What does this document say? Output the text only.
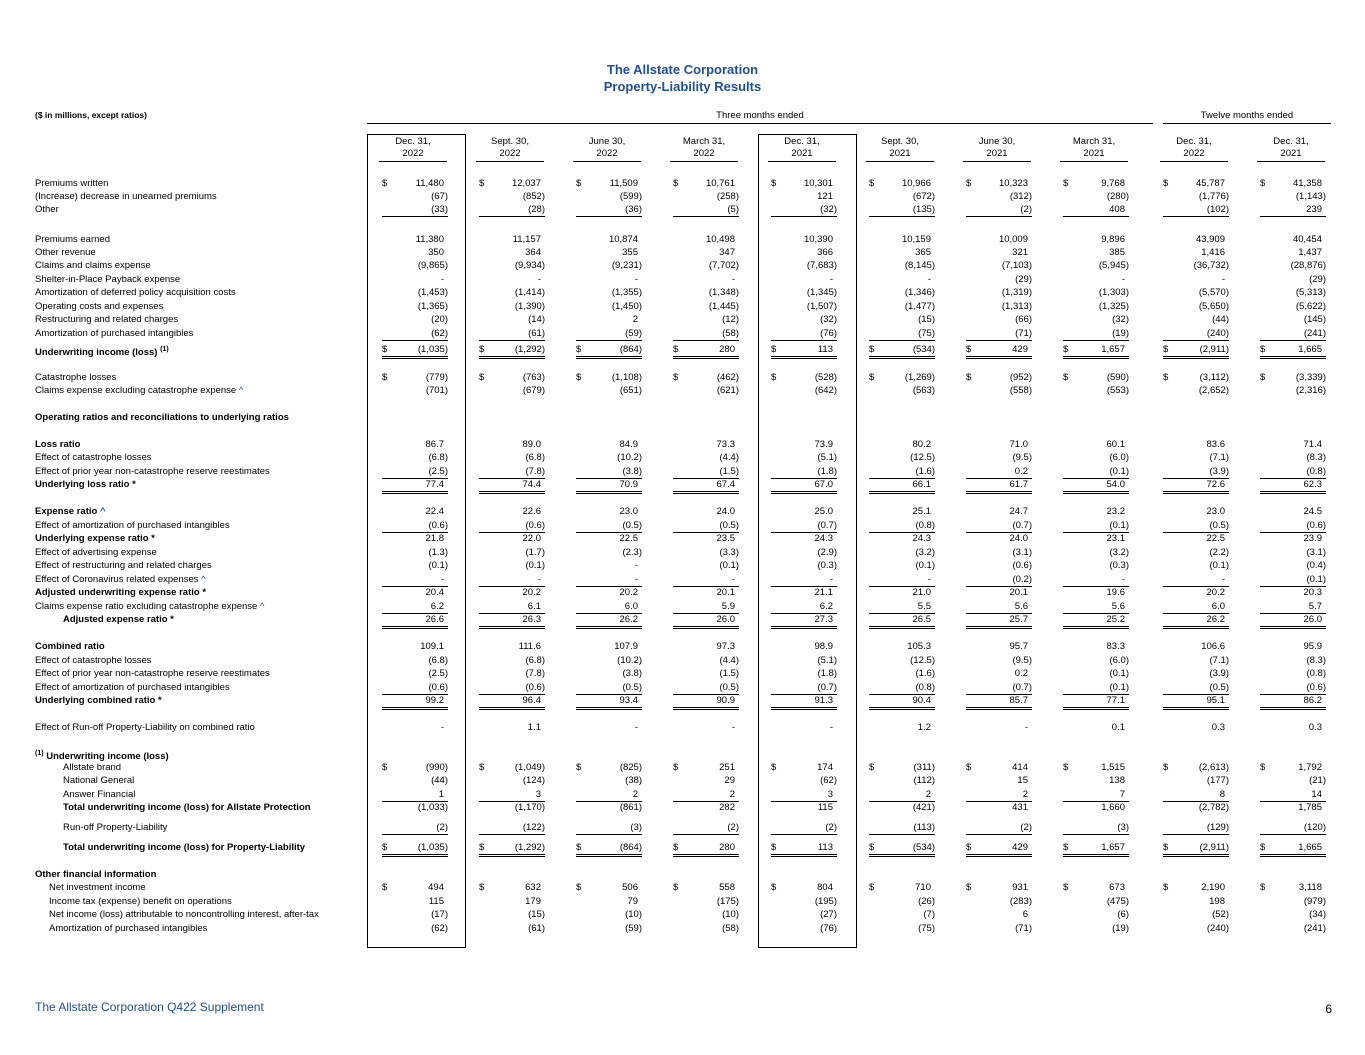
The Allstate Corporation
Property-Liability Results
($ in millions, except ratios)	Three months ended	Twelve months ended
Dec. 31,
2022
Sept. 30,
2022
June 30,
2022
March 31,
2022
Dec. 31,
2021
Sept. 30,
2021
June 30,
2021
March 31,
2021
Dec. 31,
2022
Dec. 31,
2021
Premiums written	$	11,480	$	12,037	$	11,509	$	10,761	$	10,301	$	10,966	$	10,323	$	9,768	$	45,787	$	41,358
(Increase) decrease in unearned premiums	(67)	(852)	(599)	(258)	121	(672)	(312)	(280)	(1,776)	(1,143)
Other	(33)	(28)	(36)	(5)	(32)	(135)	(2)	408	(102)	239
Premiums earned	11,380	11,157	10,874	10,498	10,390	10,159	10,009	9,896	43,909	40,454
Other revenue	350	364	355	347	366	365	321	385	1,416	1,437
Claims and claims expense	(9,865)	(9,934)	(9,231)	(7,702)	(7,683)	(8,145)	(7,103)	(5,945)	(36,732)	(28,876)
Shelter-in-Place Payback expense	-	-	-	-	-	-	(29)	-	-	(29)
Amortization of deferred policy acquisition costs	(1,453)	(1,414)	(1,355)	(1,348)	(1,345)	(1,346)	(1,319)	(1,303)	(5,570)	(5,313)
Operating costs and expenses	(1,365)	(1,390)	(1,450)	(1,445)	(1,507)	(1,477)	(1,313)	(1,325)	(5,650)	(5,622)
Restructuring and related charges	(20)	(14)	2	(12)	(32)	(15)	(66)	(32)	(44)	(145)
Amortization of purchased intangibles	(62)	(61)	(59)	(58)	(76)	(75)	(71)	(19)	(240)	(241)
Underwriting income (loss) $^{(1)}$	$	(1,035)	$	(1,292)	$	(864)	$	280	$	113	$	(534)	$	429	$	1,657	$	(2,911)	$	1,665
Catastrophe losses	$	(779)	$	(763)	$	(1,108)	$	(462)	$	(528)	$	(1,269)	$	(952)	$	(590)	$	(3,112)	$	(3,339)
Claims expense excluding catastrophe expense ^	(701)	(679)	(651)	(621)	(642)	(563)	(558)	(553)	(2,652)	(2,316)
Operating ratios and reconciliations to underlying ratios
Loss ratio	86.7	89.0	84.9	73.3	73.9	80.2	71.0	60.1	83.6	71.4
Effect of catastrophe losses	(6.8)	(6.8)	(10.2)	(4.4)	(5.1)	(12.5)	(9.5)	(6.0)	(7.1)	(8.3)
Effect of prior year non-catastrophe reserve reestimates	(2.5)	(7.8)	(3.8)	(1.5)	(1.8)	(1.6)	0.2	(0.1)	(3.9)	(0.8)
Underlying loss ratio *	77.4	74.4	70.9	67.4	67.0	66.1	61.7	54.0	72.6	62.3
Expense ratio ^	22.4	22.6	23.0	24.0	25.0	25.1	24.7	23.2	23.0	24.5
Effect of amortization of purchased intangibles	(0.6)	(0.6)	(0.5)	(0.5)	(0.7)	(0.8)	(0.7)	(0.1)	(0.5)	(0.6)
Underlying expense ratio *	21.8	22.0	22.5	23.5	24.3	24.3	24.0	23.1	22.5	23.9
Effect of advertising expense	(1.3)	(1.7)	(2.3)	(3.3)	(2.9)	(3.2)	(3.1)	(3.2)	(2.2)	(3.1)
Effect of restructuring and related charges	(0.1)	(0.1)	-	(0.1)	(0.3)	(0.1)	(0.6)	(0.3)	(0.1)	(0.4)
Effect of Coronavirus related expenses ^	-	-	-	-	-	-	(0.2)	-	-	(0.1)
Adjusted underwriting expense ratio *	20.4	20.2	20.2	20.1	21.1	21.0	20.1	19.6	20.2	20.3
Claims expense ratio excluding catastrophe expense ^	6.2	6.1	6.0	5.9	6.2	5.5	5.6	5.6	6.0	5.7
Adjusted expense ratio *	26.6	26.3	26.2	26.0	27.3	26.5	25.7	25.2	26.2	26.0
Combined ratio	109.1	111.6	107.9	97.3	98.9	105.3	95.7	83.3	106.6	95.9
Effect of catastrophe losses	(6.8)	(6.8)	(10.2)	(4.4)	(5.1)	(12.5)	(9.5)	(6.0)	(7.1)	(8.3)
Effect of prior year non-catastrophe reserve reestimates	(2.5)	(7.8)	(3.8)	(1.5)	(1.8)	(1.6)	0.2	(0.1)	(3.9)	(0.8)
Effect of amortization of purchased intangibles	(0.6)	(0.6)	(0.5)	(0.5)	(0.7)	(0.8)	(0.7)	(0.1)	(0.5)	(0.6)
Underlying combined ratio *	99.2	96.4	93.4	90.9	91.3	90.4	85.7	77.1	95.1	86.2
Effect of Run-off Property-Liability on combined ratio	-	1.1	-	-	-	1.2	-	0.1	0.3	0.3
$^{(1)}$ Underwriting income (loss)
Allstate brand	$	(990)	$	(1,049)	$	(825)	$	251	$	174	$	(311)	$	414	$	1,515	$	(2,613)	$	1,792
National General	(44)	(124)	(38)	29	(62)	(112)	15	138	(177)	(21)
Answer Financial	1	3	2	2	3	2	2	7	8	14
Total underwriting income (loss) for Allstate Protection	(1,033)	(1,170)	(861)	282	115	(421)	431	1,660	(2,782)	1,785
Run-off Property-Liability	(2)	(122)	(3)	(2)	(2)	(113)	(2)	(3)	(129)	(120)
Total underwriting income (loss) for Property-Liability	$	(1,035)	$	(1,292)	$	(864)	$	280	$	113	$	(534)	$	429	$	1,657	$	(2,911)	$	1,665
Other financial information
Net investment income	$	494	$	632	$	506	$	558	$	804	$	710	$	931	$	673	$	2,190	$	3,118
Income tax (expense) benefit on operations	115	179	79	(175)	(195)	(26)	(283)	(475)	198	(979)
Net income (loss) attributable to noncontrolling interest, after-tax	(17)	(15)	(10)	(10)	(27)	(7)	6	(6)	(52)	(34)
Amortization of purchased intangibles	(62)	(61)	(59)	(58)	(76)	(75)	(71)	(19)	(240)	(241)
The Allstate Corporation Q422 Supplement	6
